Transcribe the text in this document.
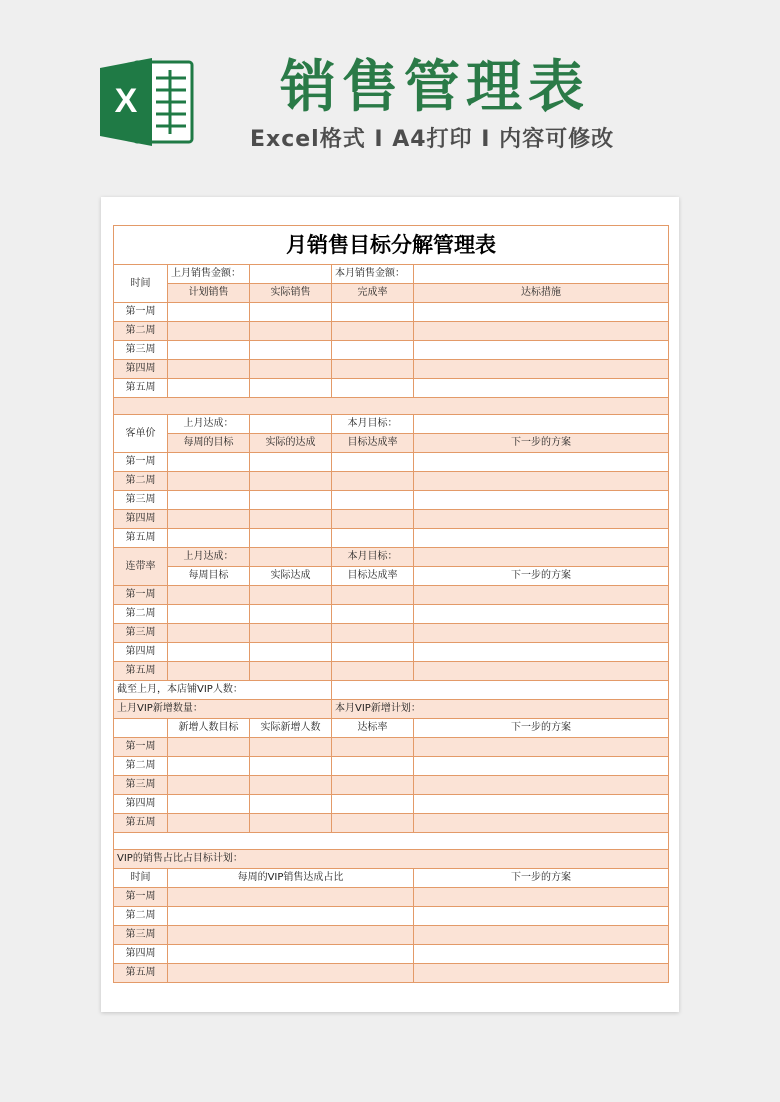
X	销售管理表
Excel格式 I A4打印 I 内容可修改
月销售目标分解管理表				
时间	上月销售金额：		本月销售金额：	
	计划销售	实际销售	完成率	达标措施
第一周				
第二周				
第三周				
第四周				
第五周				

客单价	上月达成：		本月目标：	
	每周的目标	实际的达成	目标达成率	下一步的方案
第一周				
第二周				
第三周				
第四周				
第五周				
连带率	上月达成：		本月目标：	
	每周目标	实际达成	目标达成率	下一步的方案
第一周				
第二周				
第三周				
第四周				
第五周				
截至上月，本店铺VIP人数：				
上月VIP新增数量：			本月VIP新增计划：	
	新增人数目标	实际新增人数	达标率	下一步的方案
第一周				
第二周				
第三周				
第四周				
第五周				

VIP的销售占比占目标计划：				
时间	每周的VIP销售达成占比			下一步的方案
第一周				
第二周				
第三周				
第四周				
第五周				
